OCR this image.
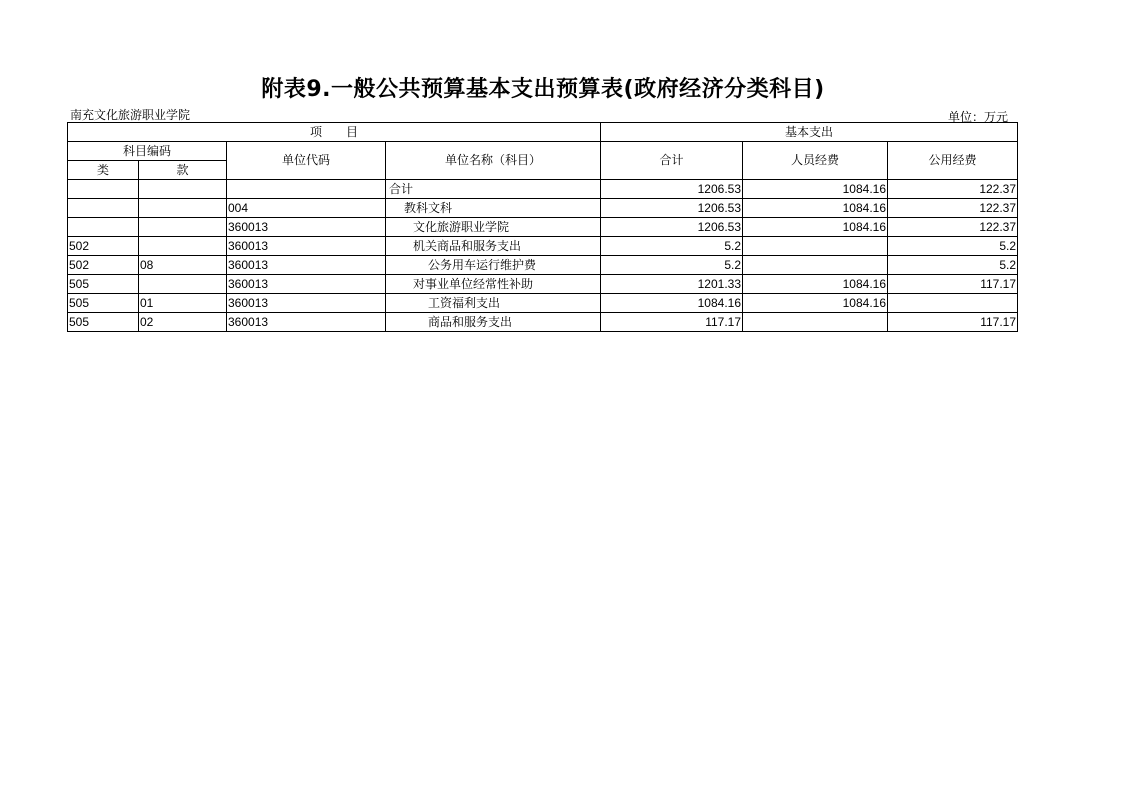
附表9.一般公共预算基本支出预算表(政府经济分类科目)
南充文化旅游职业学院	单位：万元
项　　目				基本支出		
科目编码		单位代码	单位名称（科目）	合计	人员经费	公用经费
类	款					
			合计	1206.53	1084.16	122.37
		004	教科文科	1206.53	1084.16	122.37
		360013	文化旅游职业学院	1206.53	1084.16	122.37
502		360013	机关商品和服务支出	5.2		5.2
502	08	360013	公务用车运行维护费	5.2		5.2
505		360013	对事业单位经常性补助	1201.33	1084.16	117.17
505	01	360013	工资福利支出	1084.16	1084.16	
505	02	360013	商品和服务支出	117.17		117.17
